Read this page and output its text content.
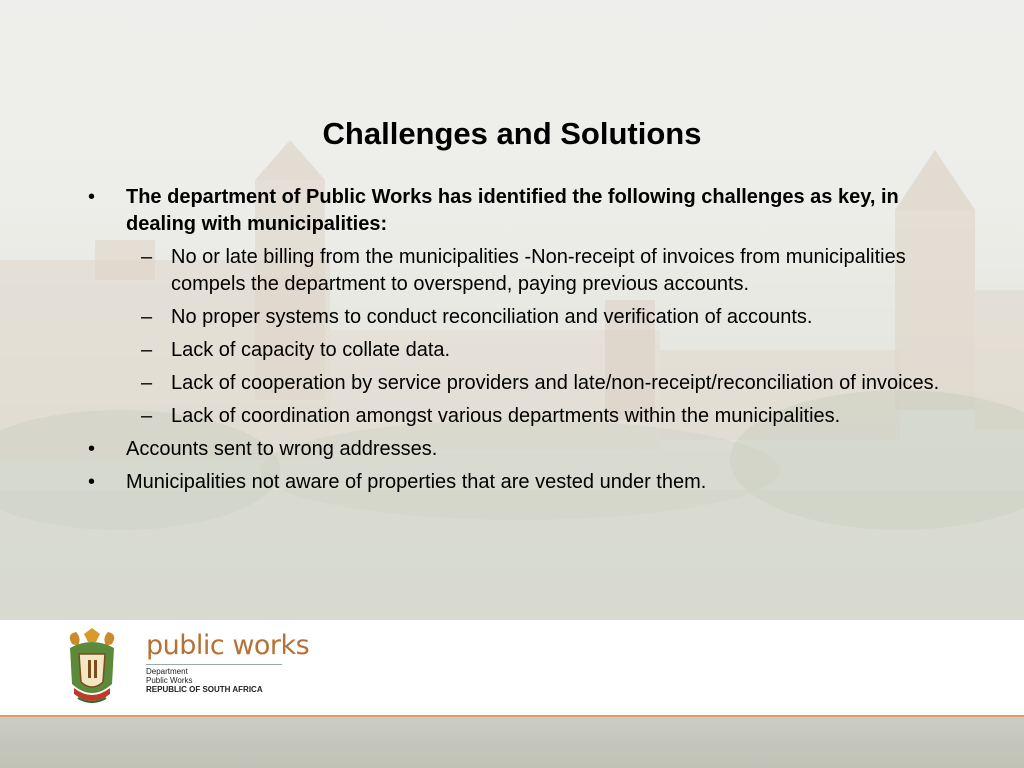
Challenges and Solutions
• The department of Public Works has identified the following challenges as key, in dealing with municipalities:
– No or late billing from the municipalities -Non-receipt of invoices from municipalities compels the department to overspend, paying previous accounts.
– No proper systems to conduct reconciliation and verification of accounts.
– Lack of capacity to collate data.
– Lack of cooperation by service providers and late/non-receipt/reconciliation of invoices.
– Lack of coordination amongst various departments within the municipalities.
• Accounts sent to wrong addresses.
• Municipalities not aware of properties that are vested under them.
public works
Department
Public Works
REPUBLIC OF SOUTH AFRICA
